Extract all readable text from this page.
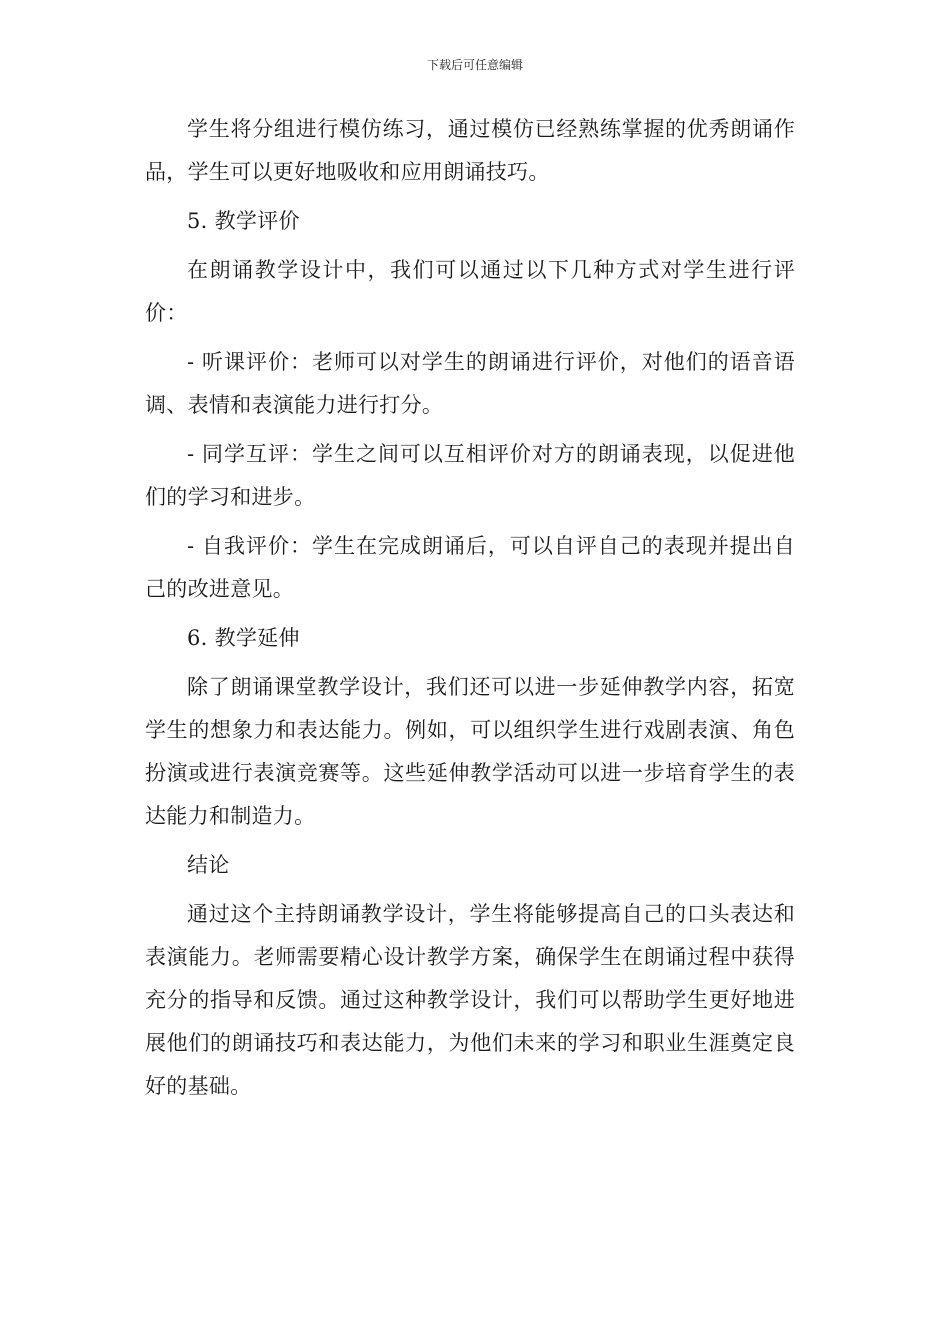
下载后可任意编辑

学生将分组进行模仿练习，通过模仿已经熟练掌握的优秀朗诵作品，学生可以更好地吸收和应用朗诵技巧。

5. 教学评价

在朗诵教学设计中，我们可以通过以下几种方式对学生进行评价：

- 听课评价：老师可以对学生的朗诵进行评价，对他们的语音语调、表情和表演能力进行打分。

- 同学互评：学生之间可以互相评价对方的朗诵表现，以促进他们的学习和进步。

- 自我评价：学生在完成朗诵后，可以自评自己的表现并提出自己的改进意见。

6. 教学延伸

除了朗诵课堂教学设计，我们还可以进一步延伸教学内容，拓宽学生的想象力和表达能力。例如，可以组织学生进行戏剧表演、角色扮演或进行表演竞赛等。这些延伸教学活动可以进一步培育学生的表达能力和制造力。

结论

通过这个主持朗诵教学设计，学生将能够提高自己的口头表达和表演能力。老师需要精心设计教学方案，确保学生在朗诵过程中获得充分的指导和反馈。通过这种教学设计，我们可以帮助学生更好地进展他们的朗诵技巧和表达能力，为他们未来的学习和职业生涯奠定良好的基础。
